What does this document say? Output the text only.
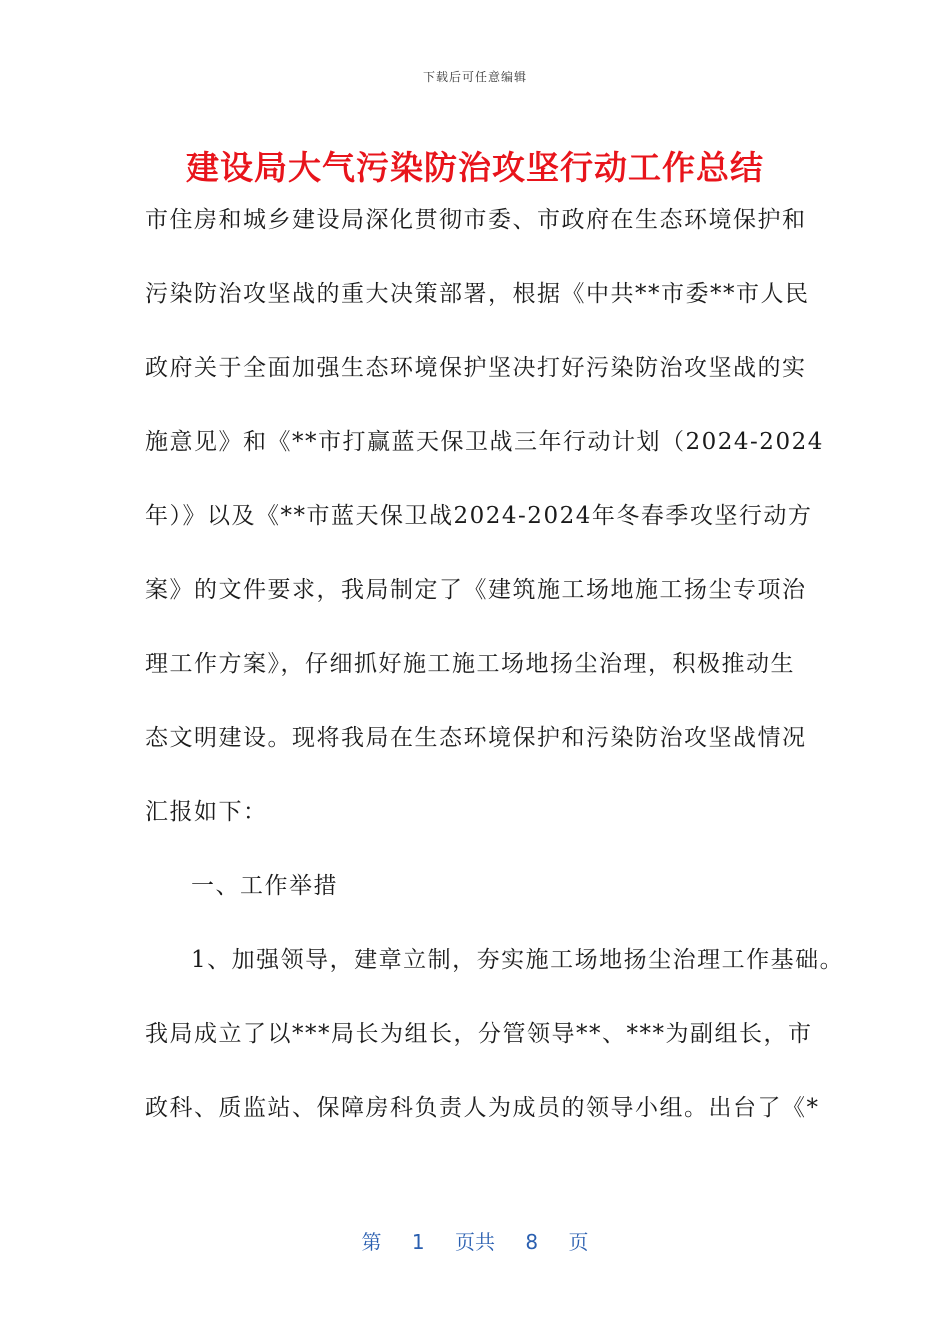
下载后可任意编辑
建设局大气污染防治攻坚行动工作总结
市住房和城乡建设局深化贯彻市委、市政府在生态环境保护和
污染防治攻坚战的重大决策部署，根据《中共**市委**市人民
政府关于全面加强生态环境保护坚决打好污染防治攻坚战的实
施意见》和《**市打赢蓝天保卫战三年行动计划（2024-2024
年）》以及《**市蓝天保卫战2024-2024年冬春季攻坚行动方
案》的文件要求，我局制定了《建筑施工场地施工扬尘专项治
理工作方案》，仔细抓好施工施工场地扬尘治理，积极推动生
态文明建设。现将我局在生态环境保护和污染防治攻坚战情况
汇报如下：
一、工作举措
1、加强领导，建章立制，夯实施工场地扬尘治理工作基础。
我局成立了以***局长为组长，分管领导**、***为副组长，市
政科、质监站、保障房科负责人为成员的领导小组。出台了《*
第 1 页共 8 页
